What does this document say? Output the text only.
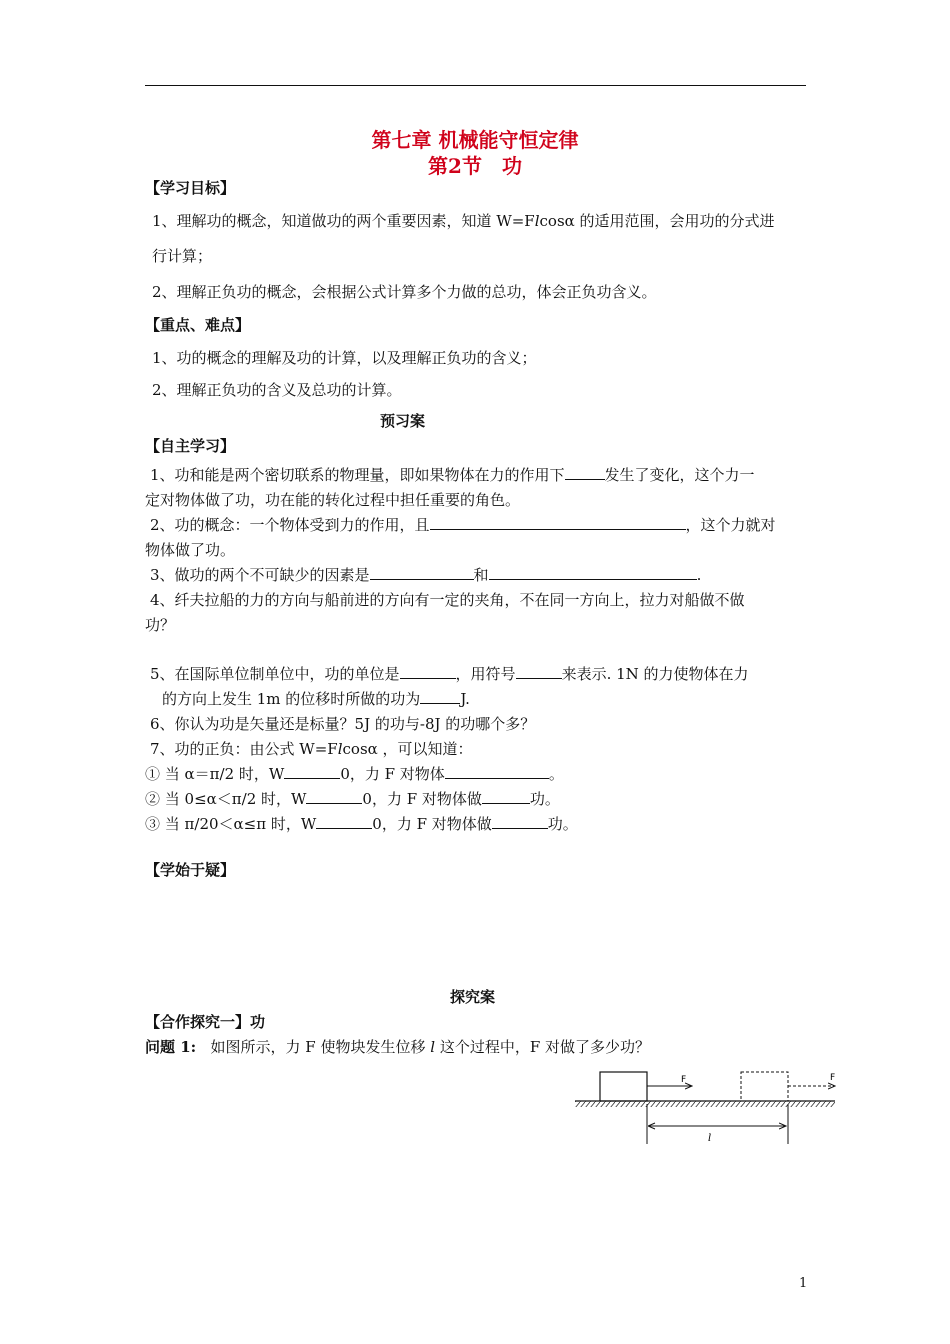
第七章 机械能守恒定律
第2节　功
【学习目标】
1、理解功的概念，知道做功的两个重要因素，知道 W=Flcosα 的适用范围，会用功的分式进
行计算；
2、理解正负功的概念，会根据公式计算多个力做的总功，体会正负功含义。
【重点、难点】
1、功的概念的理解及功的计算，以及理解正负功的含义；
2、理解正负功的含义及总功的计算。
预习案
【自主学习】
1、功和能是两个密切联系的物理量，即如果物体在力的作用下	发生了变化，这个力一
定对物体做了功，功在能的转化过程中担任重要的角色。
2、功的概念：一个物体受到力的作用，且	，这个力就对
物体做了功。
3、做功的两个不可缺少的因素是	和	.
4、纤夫拉船的力的方向与船前进的方向有一定的夹角，不在同一方向上，拉力对船做不做
功？
5、在国际单位制单位中，功的单位是	，用符号	来表示. 1N 的力使物体在力
的方向上发生 1m 的位移时所做的功为	J.
6、你认为功是矢量还是标量？5J 的功与-8J 的功哪个多？
7、功的正负：由公式 W=Flcosα ，可以知道：
① 当 α＝π/2 时，W	0，力 F 对物体	。
② 当 0≤α＜π/2 时，W	0，力 F 对物体做	功。
③ 当 π/20＜α≤π 时，W	0，力 F 对物体做	功。
【学始于疑】
探究案
【合作探究一】功
问题 1: 如图所示，力 F 使物块发生位移 l 这个过程中，F 对做了多少功？
F	F
l
1
